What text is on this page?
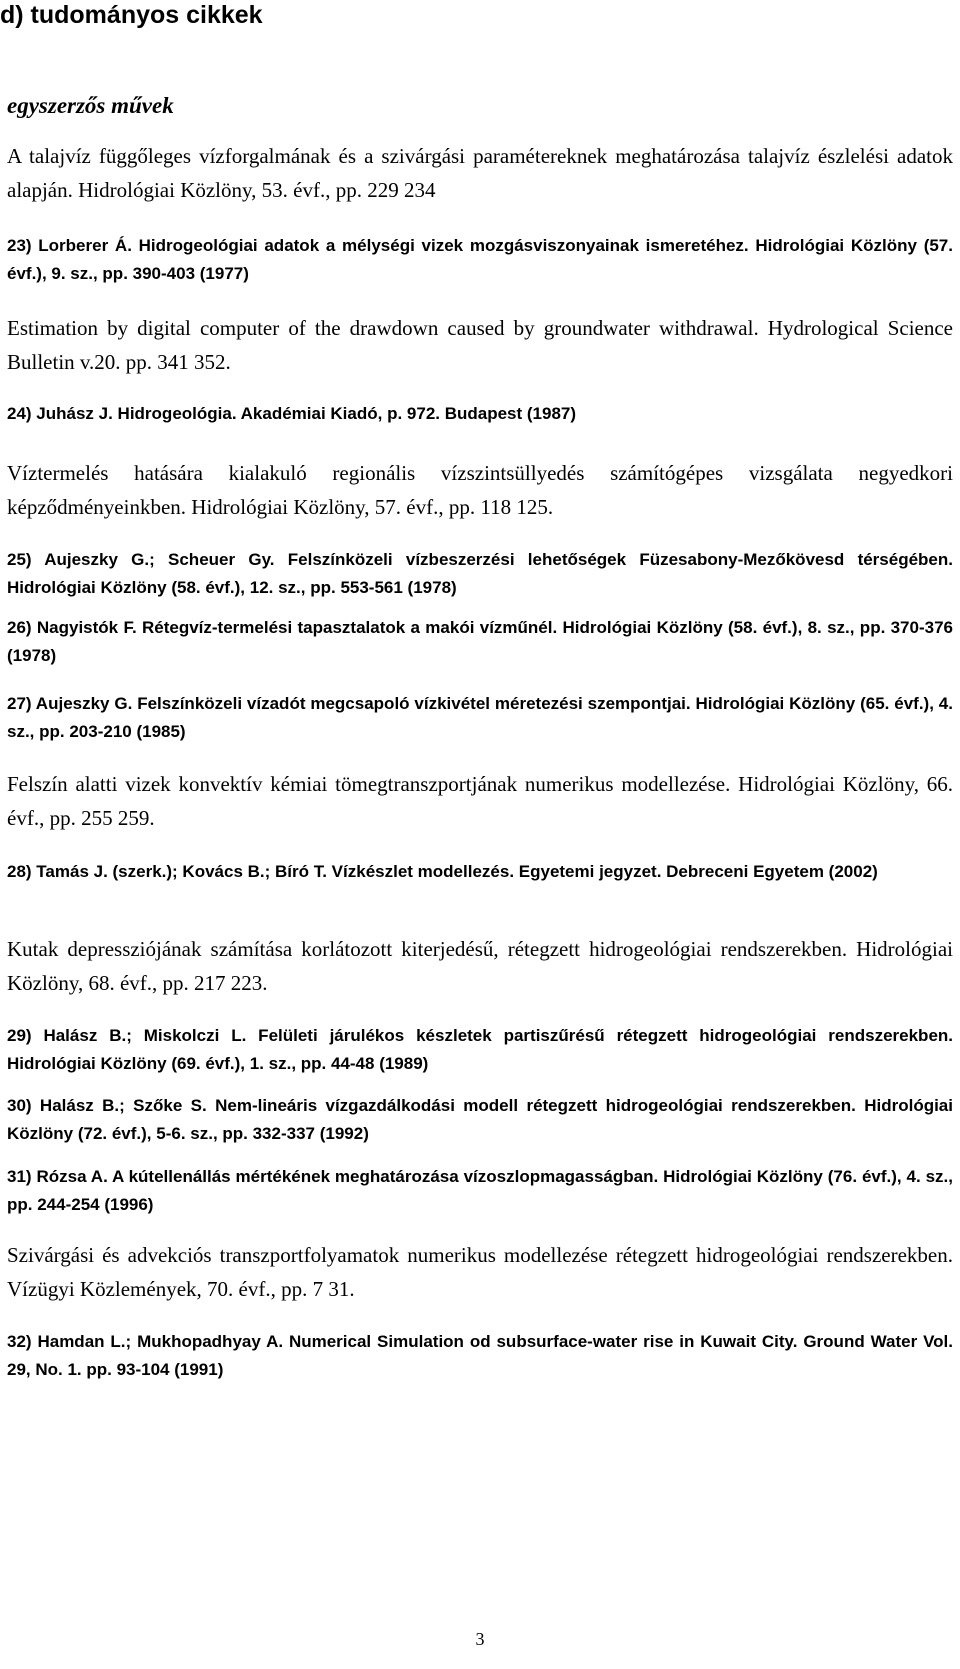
d) tudományos cikkek
egyszerzős művek

A talajvíz függőleges vízforgalmának és a szivárgási paramétereknek meghatározása talajvíz észlelési adatok alapján. Hidrológiai Közlöny, 53. évf., pp. 229 234

23) Lorberer Á. Hidrogeológiai adatok a mélységi vizek mozgásviszonyainak ismeretéhez. Hidrológiai Közlöny (57. évf.), 9. sz., pp. 390-403 (1977)

Estimation by digital computer of the drawdown caused by groundwater withdrawal. Hydrological Science Bulletin v.20. pp. 341 352.

24) Juhász J. Hidrogeológia. Akadémiai Kiadó, p. 972. Budapest (1987)

Víztermelés hatására kialakuló regionális vízszintsüllyedés számítógépes vizsgálata negyedkori képződményeinkben. Hidrológiai Közlöny, 57. évf., pp. 118 125.

25) Aujeszky G.; Scheuer Gy. Felszínközeli vízbeszerzési lehetőségek Füzesabony-Mezőkövesd térségében. Hidrológiai Közlöny (58. évf.), 12. sz., pp. 553-561 (1978)

26) Nagyistók F. Rétegvíz-termelési tapasztalatok a makói vízműnél. Hidrológiai Közlöny (58. évf.), 8. sz., pp. 370-376 (1978)

27) Aujeszky G. Felszínközeli vízadót megcsapoló vízkivétel méretezési szempontjai. Hidrológiai Közlöny (65. évf.), 4. sz., pp. 203-210 (1985)

Felszín alatti vizek konvektív kémiai tömegtranszportjának numerikus modellezése. Hidrológiai Közlöny, 66. évf., pp. 255 259.

28) Tamás J. (szerk.); Kovács B.; Bíró T. Vízkészlet modellezés. Egyetemi jegyzet. Debreceni Egyetem (2002)

Kutak depressziójának számítása korlátozott kiterjedésű, rétegzett hidrogeológiai rendszerekben. Hidrológiai Közlöny, 68. évf., pp. 217 223.

29) Halász B.; Miskolczi L. Felületi járulékos készletek partiszűrésű rétegzett hidrogeológiai rendszerekben. Hidrológiai Közlöny (69. évf.), 1. sz., pp. 44-48 (1989)

30) Halász B.; Szőke S. Nem-lineáris vízgazdálkodási modell rétegzett hidrogeológiai rendszerekben. Hidrológiai Közlöny (72. évf.), 5-6. sz., pp. 332-337 (1992)

31) Rózsa A. A kútellenállás mértékének meghatározása vízoszlopmagasságban. Hidrológiai Közlöny (76. évf.), 4. sz., pp. 244-254 (1996)

Szivárgási és advekciós transzportfolyamatok numerikus modellezése rétegzett hidrogeológiai rendszerekben. Vízügyi Közlemények, 70. évf., pp. 7 31.

32) Hamdan L.; Mukhopadhyay A. Numerical Simulation od subsurface-water rise in Kuwait City. Ground Water Vol. 29, No. 1. pp. 93-104 (1991)

3
